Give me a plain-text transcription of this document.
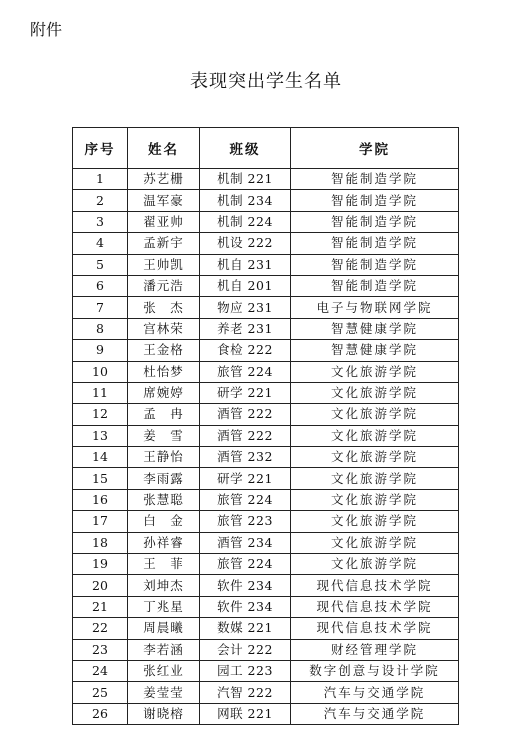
附件
表现突出学生名单
序号	姓名	班级	学院
1	苏艺栅	机制 221	智能制造学院
2	温军豪	机制 234	智能制造学院
3	翟亚帅	机制 224	智能制造学院
4	孟新宇	机设 222	智能制造学院
5	王帅凯	机自 231	智能制造学院
6	潘元浩	机自 201	智能制造学院
7	张　杰	物应 231	电子与物联网学院
8	宫林荣	养老 231	智慧健康学院
9	王金格	食检 222	智慧健康学院
10	杜怡梦	旅管 224	文化旅游学院
11	席婉婷	研学 221	文化旅游学院
12	孟　冉	酒管 222	文化旅游学院
13	姜　雪	酒管 222	文化旅游学院
14	王静怡	酒管 232	文化旅游学院
15	李雨露	研学 221	文化旅游学院
16	张慧聪	旅管 224	文化旅游学院
17	白　金	旅管 223	文化旅游学院
18	孙祥睿	酒管 234	文化旅游学院
19	王　菲	旅管 224	文化旅游学院
20	刘坤杰	软件 234	现代信息技术学院
21	丁兆星	软件 234	现代信息技术学院
22	周晨曦	数媒 221	现代信息技术学院
23	李若涵	会计 222	财经管理学院
24	张红业	园工 223	数字创意与设计学院
25	姜莹莹	汽智 222	汽车与交通学院
26	谢晓榕	网联 221	汽车与交通学院
